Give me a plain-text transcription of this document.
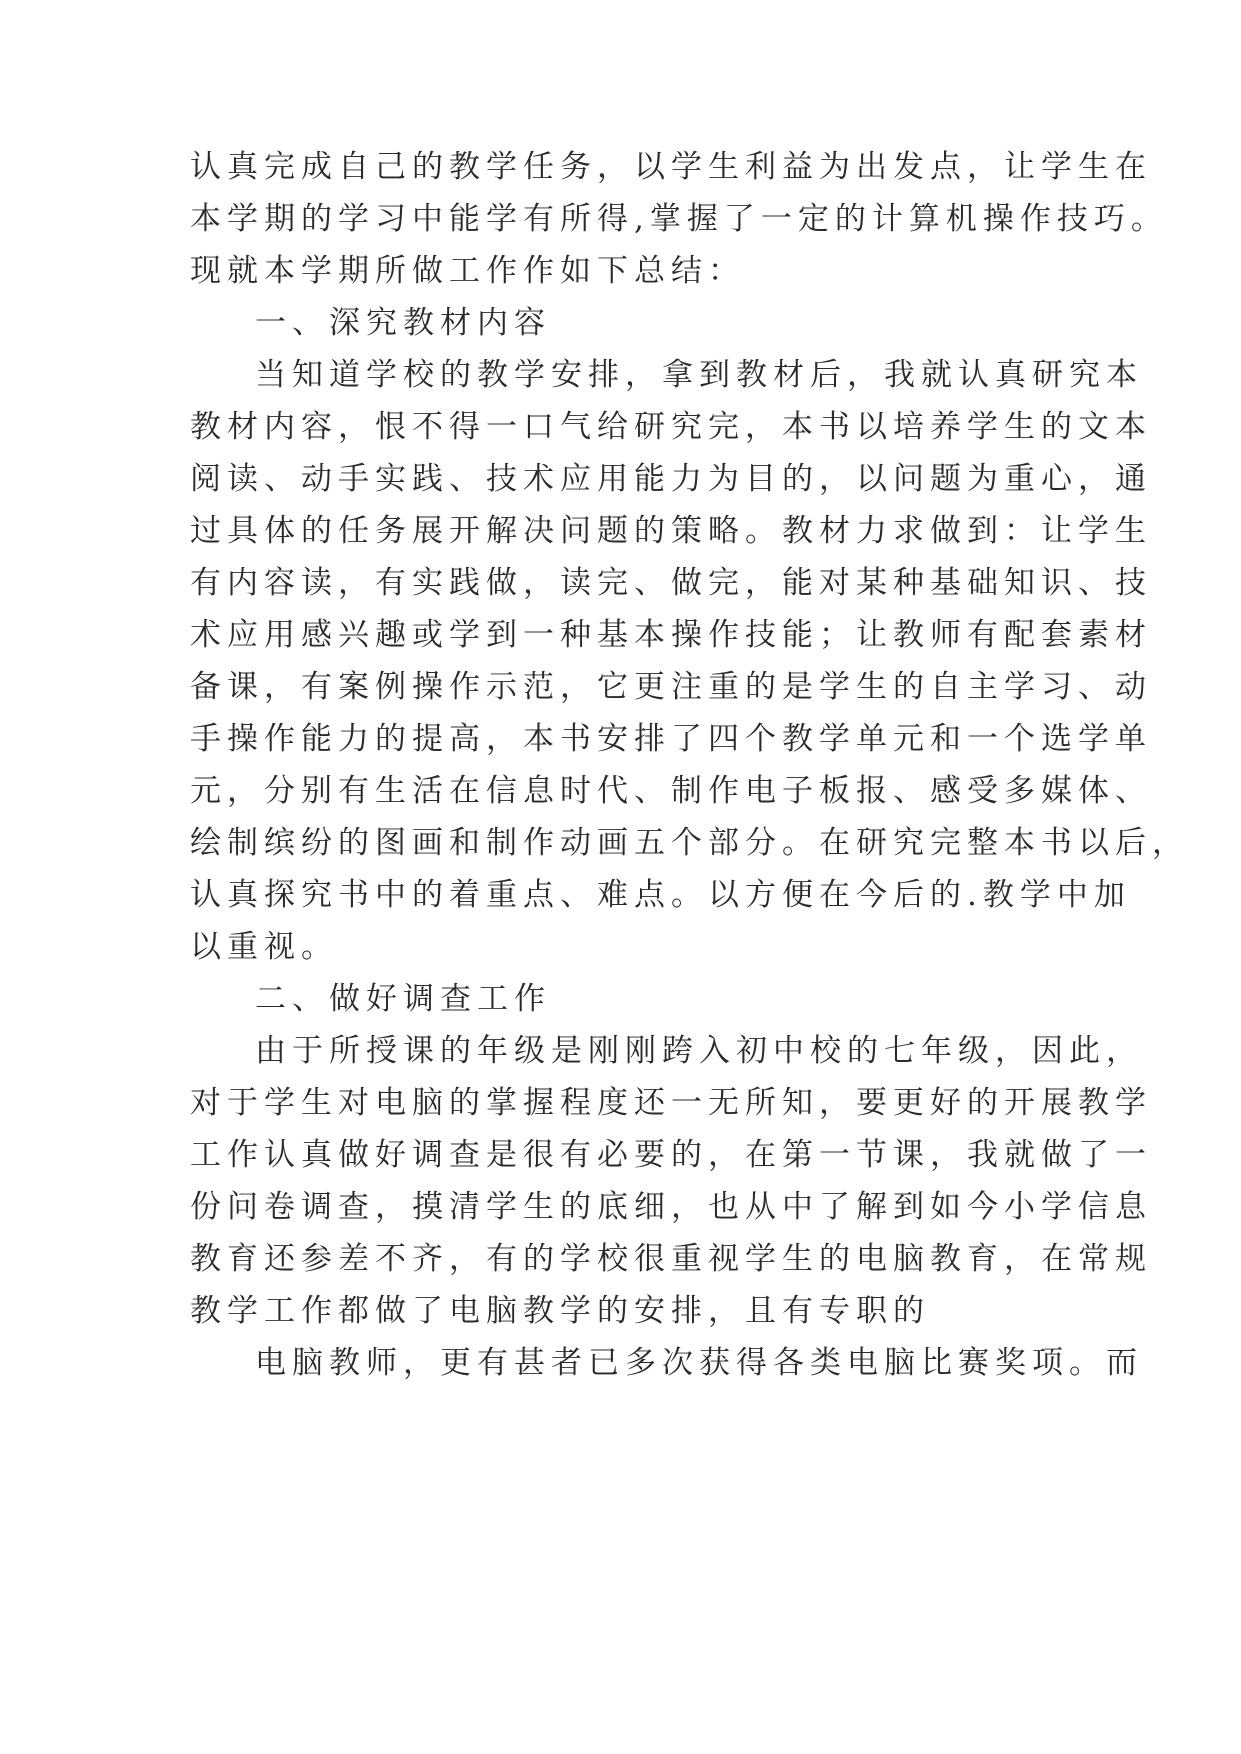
认真完成自己的教学任务，以学生利益为出发点，让学生在
本学期的学习中能学有所得,掌握了一定的计算机操作技巧。
现就本学期所做工作作如下总结：
一、深究教材内容
当知道学校的教学安排，拿到教材后，我就认真研究本
教材内容，恨不得一口气给研究完，本书以培养学生的文本
阅读、动手实践、技术应用能力为目的，以问题为重心，通
过具体的任务展开解决问题的策略。教材力求做到：让学生
有内容读，有实践做，读完、做完，能对某种基础知识、技
术应用感兴趣或学到一种基本操作技能；让教师有配套素材
备课，有案例操作示范，它更注重的是学生的自主学习、动
手操作能力的提高，本书安排了四个教学单元和一个选学单
元，分别有生活在信息时代、制作电子板报、感受多媒体、
绘制缤纷的图画和制作动画五个部分。在研究完整本书以后，
认真探究书中的着重点、难点。以方便在今后的.教学中加
以重视。
二、做好调查工作
由于所授课的年级是刚刚跨入初中校的七年级，因此，
对于学生对电脑的掌握程度还一无所知，要更好的开展教学
工作认真做好调查是很有必要的，在第一节课，我就做了一
份问卷调查，摸清学生的底细，也从中了解到如今小学信息
教育还参差不齐，有的学校很重视学生的电脑教育，在常规
教学工作都做了电脑教学的安排，且有专职的
电脑教师，更有甚者已多次获得各类电脑比赛奖项。而
